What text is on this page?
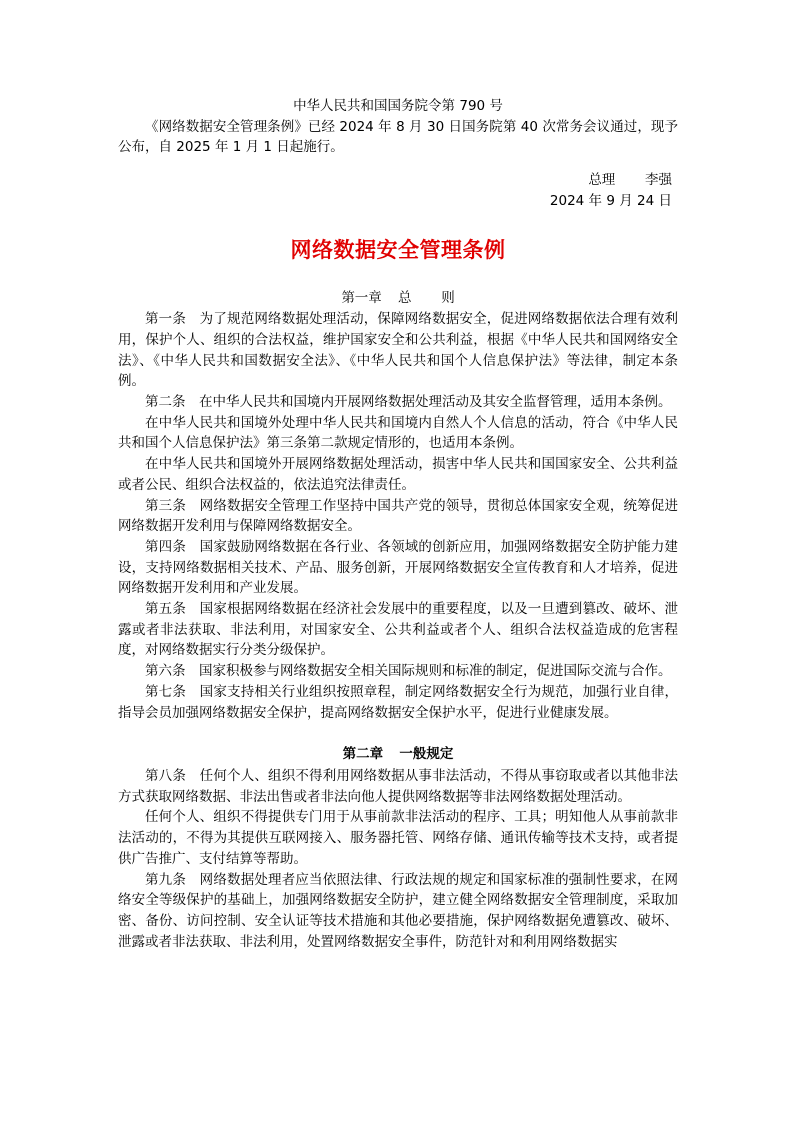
中华人民共和国国务院令第 790 号

《网络数据安全管理条例》已经 2024 年 8 月 30 日国务院第 40 次常务会议通过，现予公布，自 2025 年 1 月 1 日起施行。

总理 李强
2024 年 9 月 24 日
网络数据安全管理条例

第一章 总 则

第一条　为了规范网络数据处理活动，保障网络数据安全，促进网络数据依法合理有效利用，保护个人、组织的合法权益，维护国家安全和公共利益，根据《中华人民共和国网络安全法》、《中华人民共和国数据安全法》、《中华人民共和国个人信息保护法》等法律，制定本条例。

第二条　在中华人民共和国境内开展网络数据处理活动及其安全监督管理，适用本条例。

在中华人民共和国境外处理中华人民共和国境内自然人个人信息的活动，符合《中华人民共和国个人信息保护法》第三条第二款规定情形的，也适用本条例。

在中华人民共和国境外开展网络数据处理活动，损害中华人民共和国国家安全、公共利益或者公民、组织合法权益的，依法追究法律责任。

第三条　网络数据安全管理工作坚持中国共产党的领导，贯彻总体国家安全观，统筹促进网络数据开发利用与保障网络数据安全。

第四条　国家鼓励网络数据在各行业、各领域的创新应用，加强网络数据安全防护能力建设，支持网络数据相关技术、产品、服务创新，开展网络数据安全宣传教育和人才培养，促进网络数据开发利用和产业发展。

第五条　国家根据网络数据在经济社会发展中的重要程度，以及一旦遭到篡改、破坏、泄露或者非法获取、非法利用，对国家安全、公共利益或者个人、组织合法权益造成的危害程度，对网络数据实行分类分级保护。

第六条　国家积极参与网络数据安全相关国际规则和标准的制定，促进国际交流与合作。

第七条　国家支持相关行业组织按照章程，制定网络数据安全行为规范，加强行业自律，指导会员加强网络数据安全保护，提高网络数据安全保护水平，促进行业健康发展。

第二章 一般规定

第八条　任何个人、组织不得利用网络数据从事非法活动，不得从事窃取或者以其他非法方式获取网络数据、非法出售或者非法向他人提供网络数据等非法网络数据处理活动。

任何个人、组织不得提供专门用于从事前款非法活动的程序、工具；明知他人从事前款非法活动的，不得为其提供互联网接入、服务器托管、网络存储、通讯传输等技术支持，或者提供广告推广、支付结算等帮助。

第九条　网络数据处理者应当依照法律、行政法规的规定和国家标准的强制性要求，在网络安全等级保护的基础上，加强网络数据安全防护，建立健全网络数据安全管理制度，采取加密、备份、访问控制、安全认证等技术措施和其他必要措施，保护网络数据免遭篡改、破坏、泄露或者非法获取、非法利用，处置网络数据安全事件，防范针对和利用网络数据实
